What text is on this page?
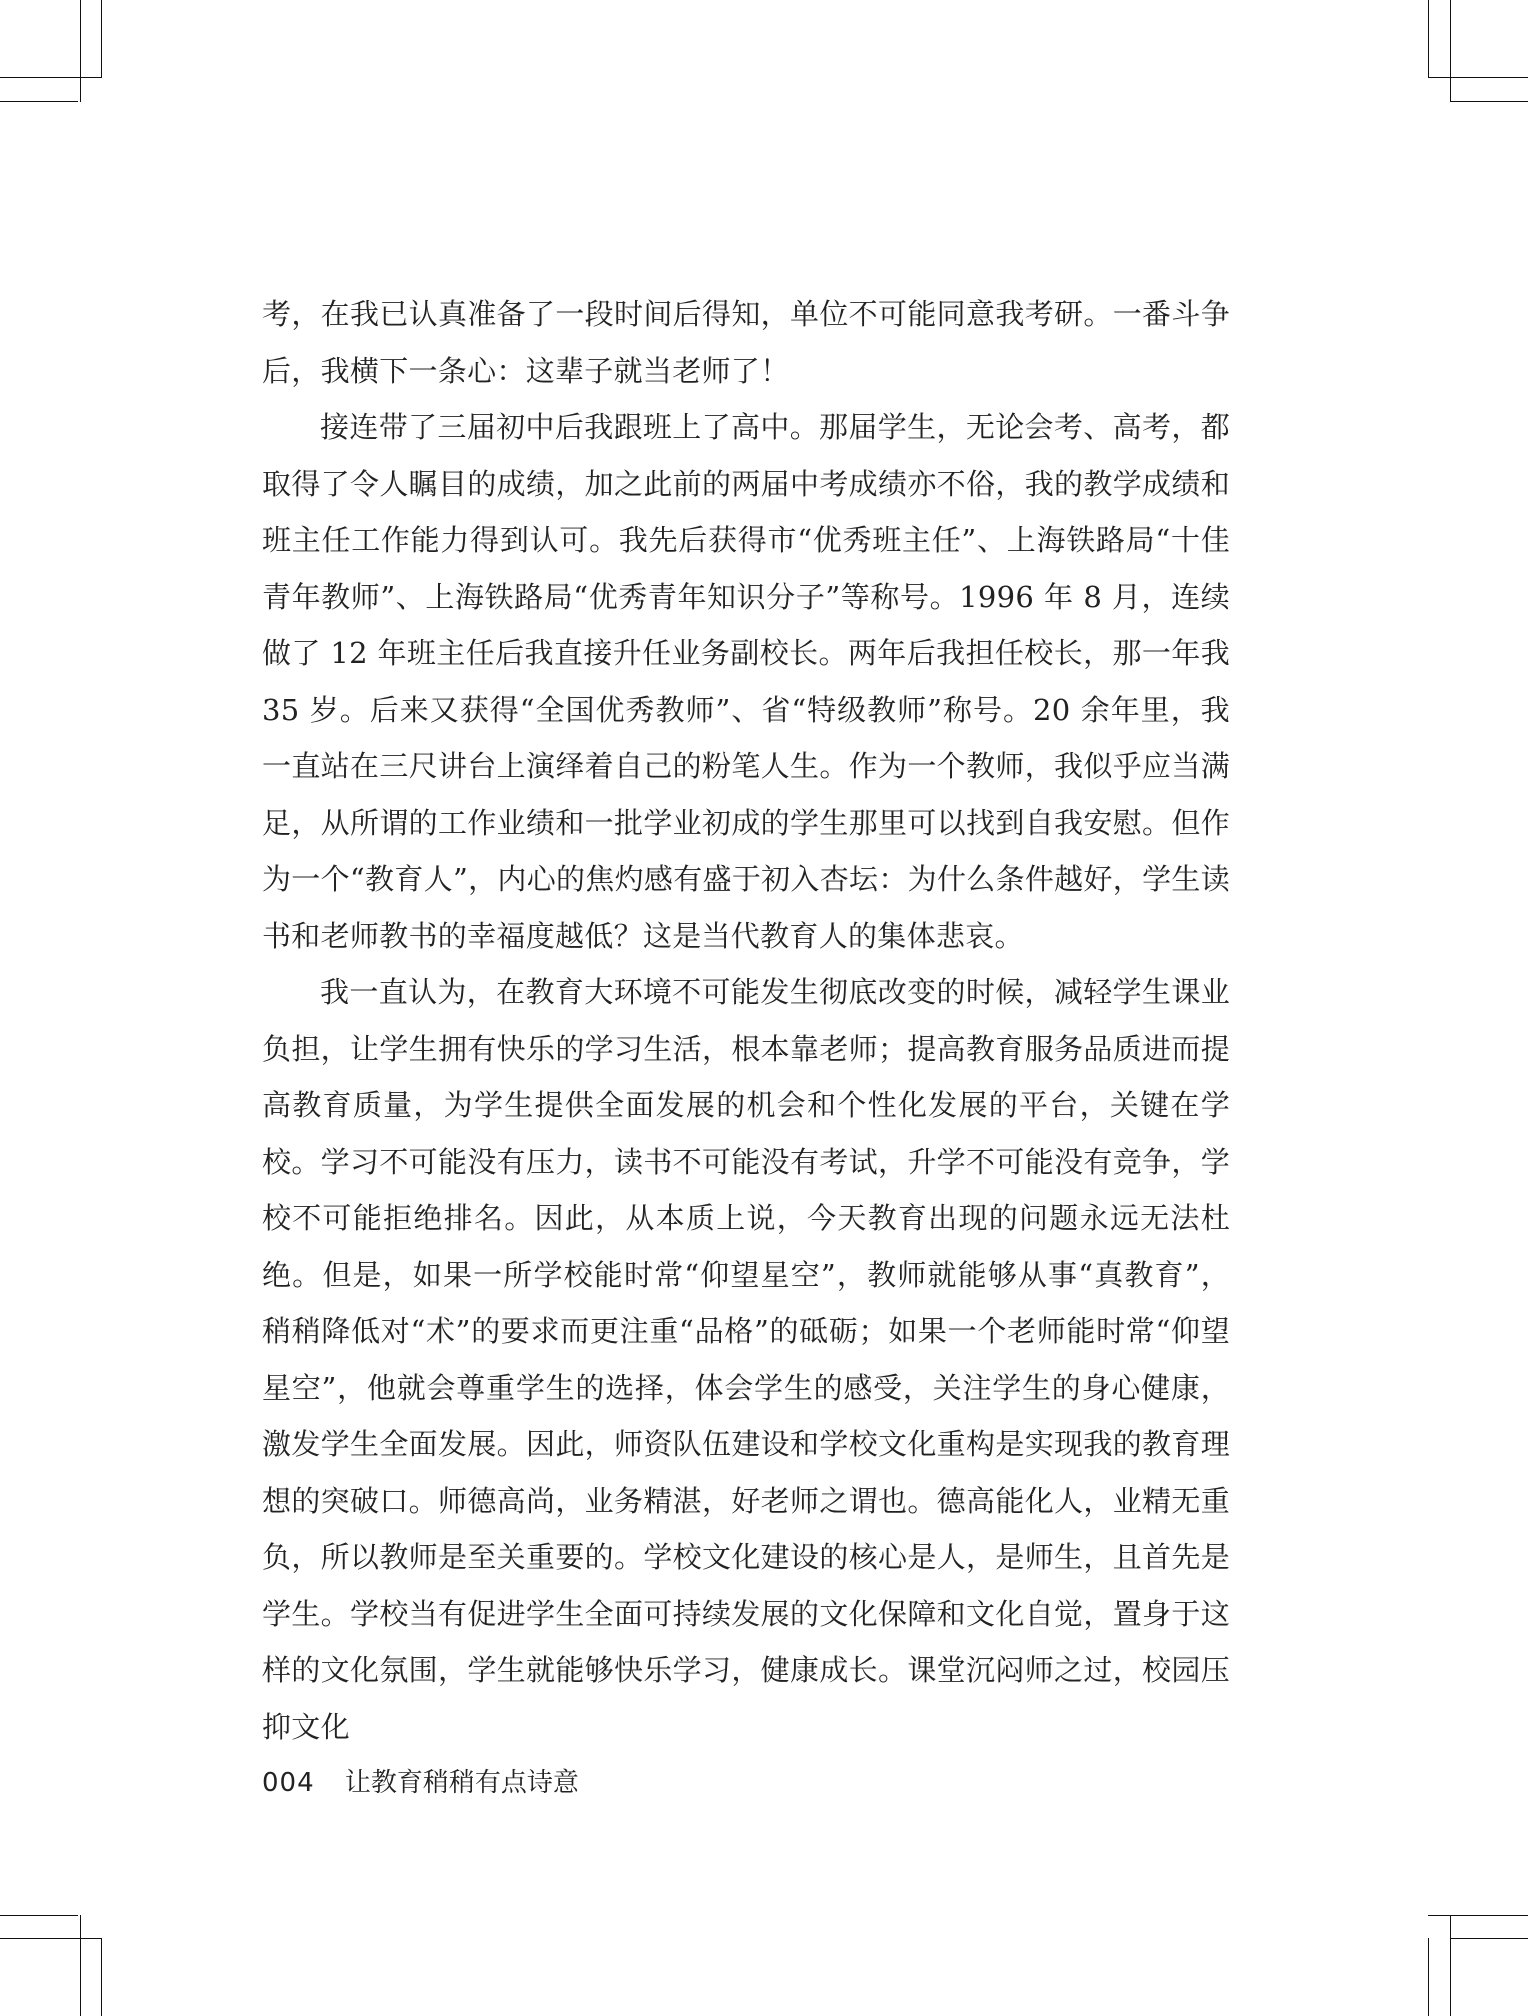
考，在我已认真准备了一段时间后得知，单位不可能同意我考研。一番斗争后，我横下一条心：这辈子就当老师了！

接连带了三届初中后我跟班上了高中。那届学生，无论会考、高考，都取得了令人瞩目的成绩，加之此前的两届中考成绩亦不俗，我的教学成绩和班主任工作能力得到认可。我先后获得市“优秀班主任”、上海铁路局“十佳青年教师”、上海铁路局“优秀青年知识分子”等称号。1996 年 8 月，连续做了 12 年班主任后我直接升任业务副校长。两年后我担任校长，那一年我 35 岁。后来又获得“全国优秀教师”、省“特级教师”称号。20 余年里，我一直站在三尺讲台上演绎着自己的粉笔人生。作为一个教师，我似乎应当满足，从所谓的工作业绩和一批学业初成的学生那里可以找到自我安慰。但作为一个“教育人”，内心的焦灼感有盛于初入杏坛：为什么条件越好，学生读书和老师教书的幸福度越低？这是当代教育人的集体悲哀。

我一直认为，在教育大环境不可能发生彻底改变的时候，减轻学生课业负担，让学生拥有快乐的学习生活，根本靠老师；提高教育服务品质进而提高教育质量，为学生提供全面发展的机会和个性化发展的平台，关键在学校。学习不可能没有压力，读书不可能没有考试，升学不可能没有竞争，学校不可能拒绝排名。因此，从本质上说，今天教育出现的问题永远无法杜绝。但是，如果一所学校能时常“仰望星空”，教师就能够从事“真教育”，稍稍降低对“术”的要求而更注重“品格”的砥砺；如果一个老师能时常“仰望星空”，他就会尊重学生的选择，体会学生的感受，关注学生的身心健康，激发学生全面发展。因此，师资队伍建设和学校文化重构是实现我的教育理想的突破口。师德高尚，业务精湛，好老师之谓也。德高能化人，业精无重负，所以教师是至关重要的。学校文化建设的核心是人，是师生，且首先是学生。学校当有促进学生全面可持续发展的文化保障和文化自觉，置身于这样的文化氛围，学生就能够快乐学习，健康成长。课堂沉闷师之过，校园压抑文化

004 让教育稍稍有点诗意
